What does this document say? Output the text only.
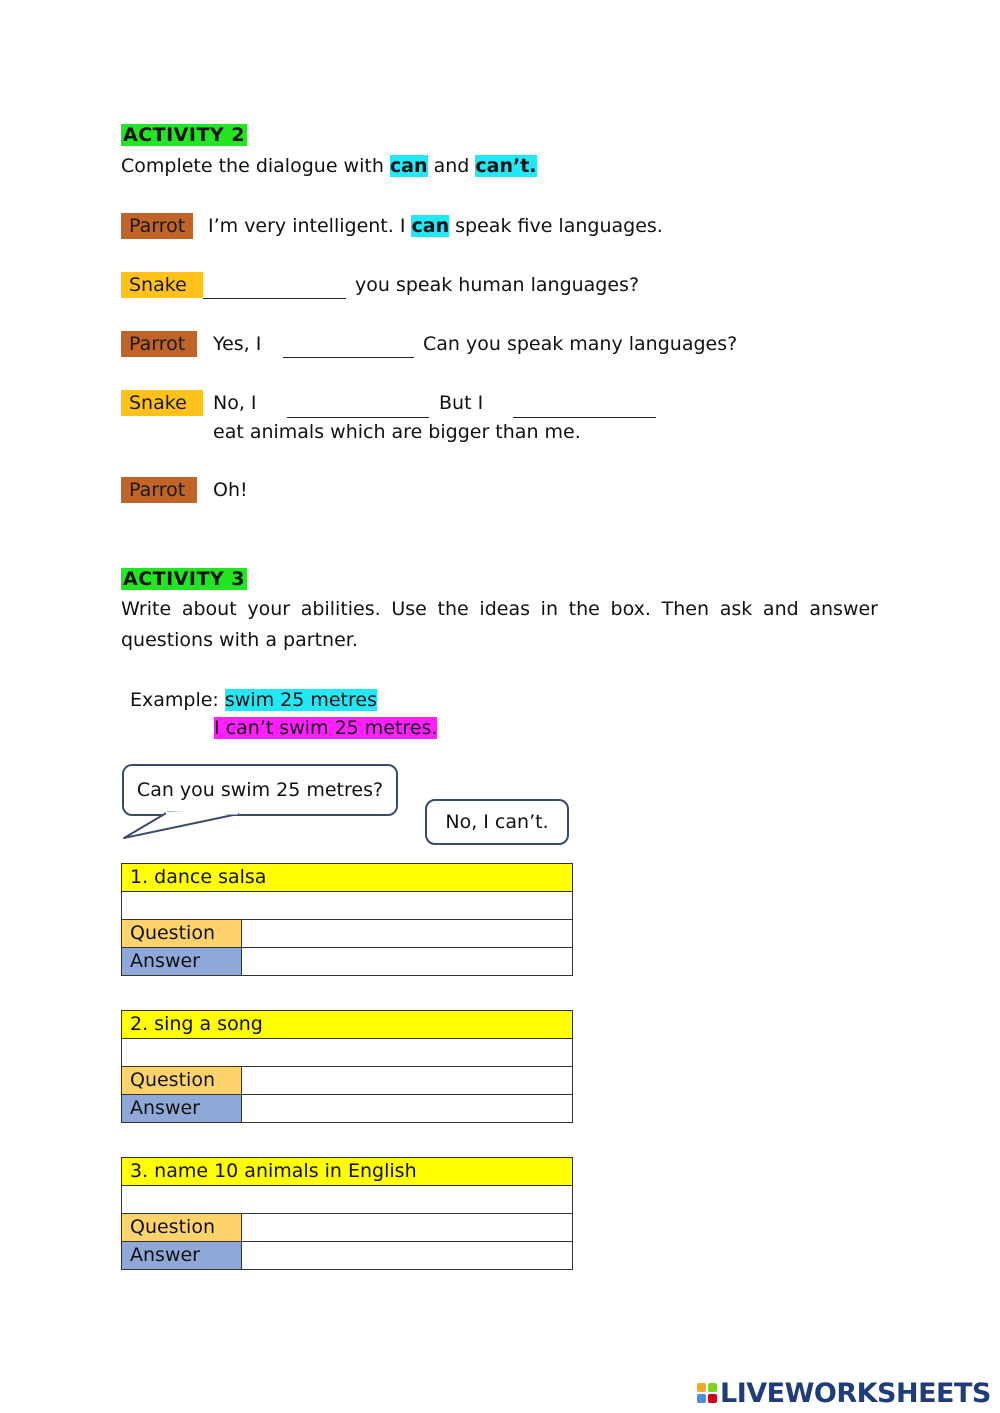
ACTIVITY 2
Complete the dialogue with can and can’t.
Parrot	I’m very intelligent. I can speak five languages.
Snake	you speak human languages?
Parrot	Yes, I	Can you speak many languages?
Snake	No, I	But I
eat animals which are bigger than me.
Parrot	Oh!
ACTIVITY 3
Write about your abilities. Use the ideas in the box. Then ask and answer questions with a partner.
Example: swim 25 metres
I can’t swim 25 metres.
Can you swim 25 metres?
No, I can’t.
1. dance salsa	

Question	
Answer	
2. sing a song	

Question	
Answer	
3. name 10 animals in English	

Question	
Answer	
LIVEWORKSHEETS
